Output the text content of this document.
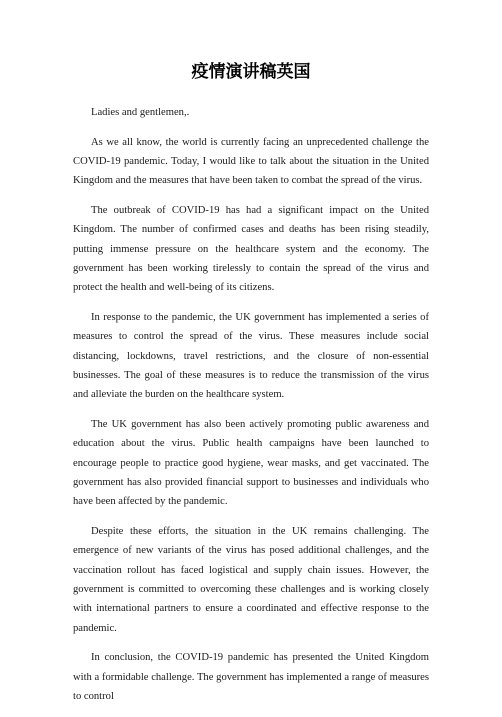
疫情演讲稿英国

Ladies and gentlemen,.

As we all know, the world is currently facing an unprecedented challenge the COVID-19 pandemic. Today, I would like to talk about the situation in the United Kingdom and the measures that have been taken to combat the spread of the virus.

The outbreak of COVID-19 has had a significant impact on the United Kingdom. The number of confirmed cases and deaths has been rising steadily, putting immense pressure on the healthcare system and the economy. The government has been working tirelessly to contain the spread of the virus and protect the health and well-being of its citizens.

In response to the pandemic, the UK government has implemented a series of measures to control the spread of the virus. These measures include social distancing, lockdowns, travel restrictions, and the closure of non-essential businesses. The goal of these measures is to reduce the transmission of the virus and alleviate the burden on the healthcare system.

The UK government has also been actively promoting public awareness and education about the virus. Public health campaigns have been launched to encourage people to practice good hygiene, wear masks, and get vaccinated. The government has also provided financial support to businesses and individuals who have been affected by the pandemic.

Despite these efforts, the situation in the UK remains challenging. The emergence of new variants of the virus has posed additional challenges, and the vaccination rollout has faced logistical and supply chain issues. However, the government is committed to overcoming these challenges and is working closely with international partners to ensure a coordinated and effective response to the pandemic.

In conclusion, the COVID-19 pandemic has presented the United Kingdom with a formidable challenge. The government has implemented a range of measures to control
